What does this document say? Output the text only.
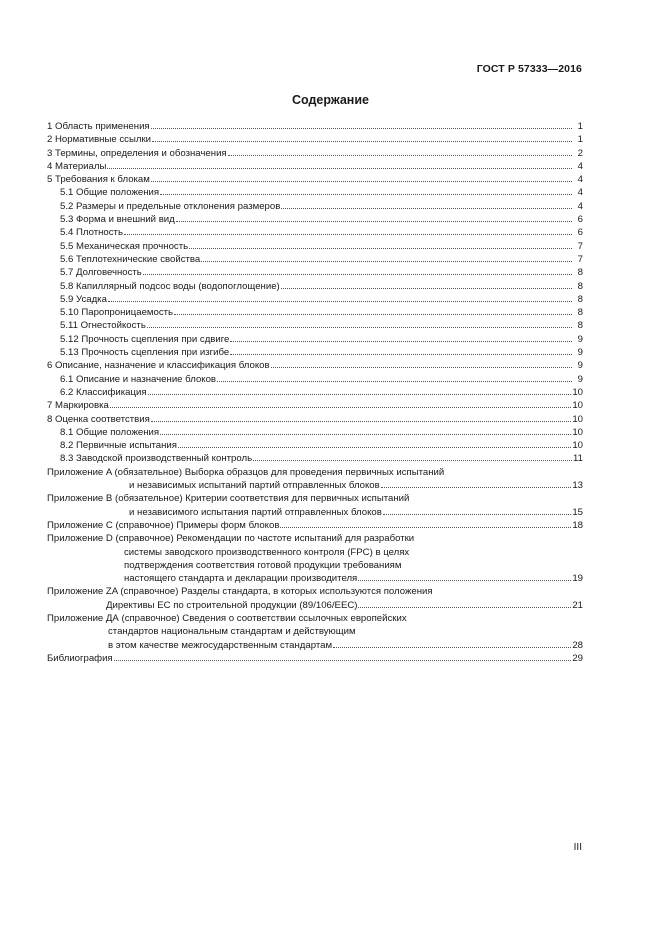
ГОСТ Р 57333—2016
Содержание
1 Область применения	1
2 Нормативные ссылки	1
3 Термины, определения и обозначения	2
4 Материалы	4
5 Требования к блокам	4
5.1 Общие положения	4
5.2 Размеры и предельные отклонения размеров	4
5.3 Форма и внешний вид	6
5.4 Плотность	6
5.5 Механическая прочность	7
5.6 Теплотехнические свойства	7
5.7 Долговечность	8
5.8 Капиллярный подсос воды (водопоглощение)	8
5.9 Усадка	8
5.10 Паропроницаемость	8
5.11 Огнестойкость	8
5.12 Прочность сцепления при сдвиге	9
5.13 Прочность сцепления при изгибе	9
6 Описание, назначение и классификация блоков	9
6.1 Описание и назначение блоков	9
6.2 Классификация	10
7 Маркировка	10
8 Оценка соответствия	10
8.1 Общие положения	10
8.2 Первичные испытания	10
8.3 Заводской производственный контроль	11
Приложение A (обязательное) Выборка образцов для проведения первичных испытаний
и независимых испытаний партий отправленных блоков	13
Приложение B (обязательное) Критерии соответствия для первичных испытаний
и независимого испытания партий отправленных блоков	15
Приложение C (справочное) Примеры форм блоков	18
Приложение D (справочное) Рекомендации по частоте испытаний для разработки
системы заводского производственного контроля (FPC) в целях
подтверждения соответствия готовой продукции требованиям
настоящего стандарта и декларации производителя	19
Приложение ZA (справочное) Разделы стандарта, в которых используются положения
Директивы ЕС по строительной продукции (89/106/EEC)	21
Приложение ДА (справочное) Сведения о соответствии ссылочных европейских
стандартов национальным стандартам и действующим
в этом качестве межгосударственным стандартам	28
Библиография	29
III
